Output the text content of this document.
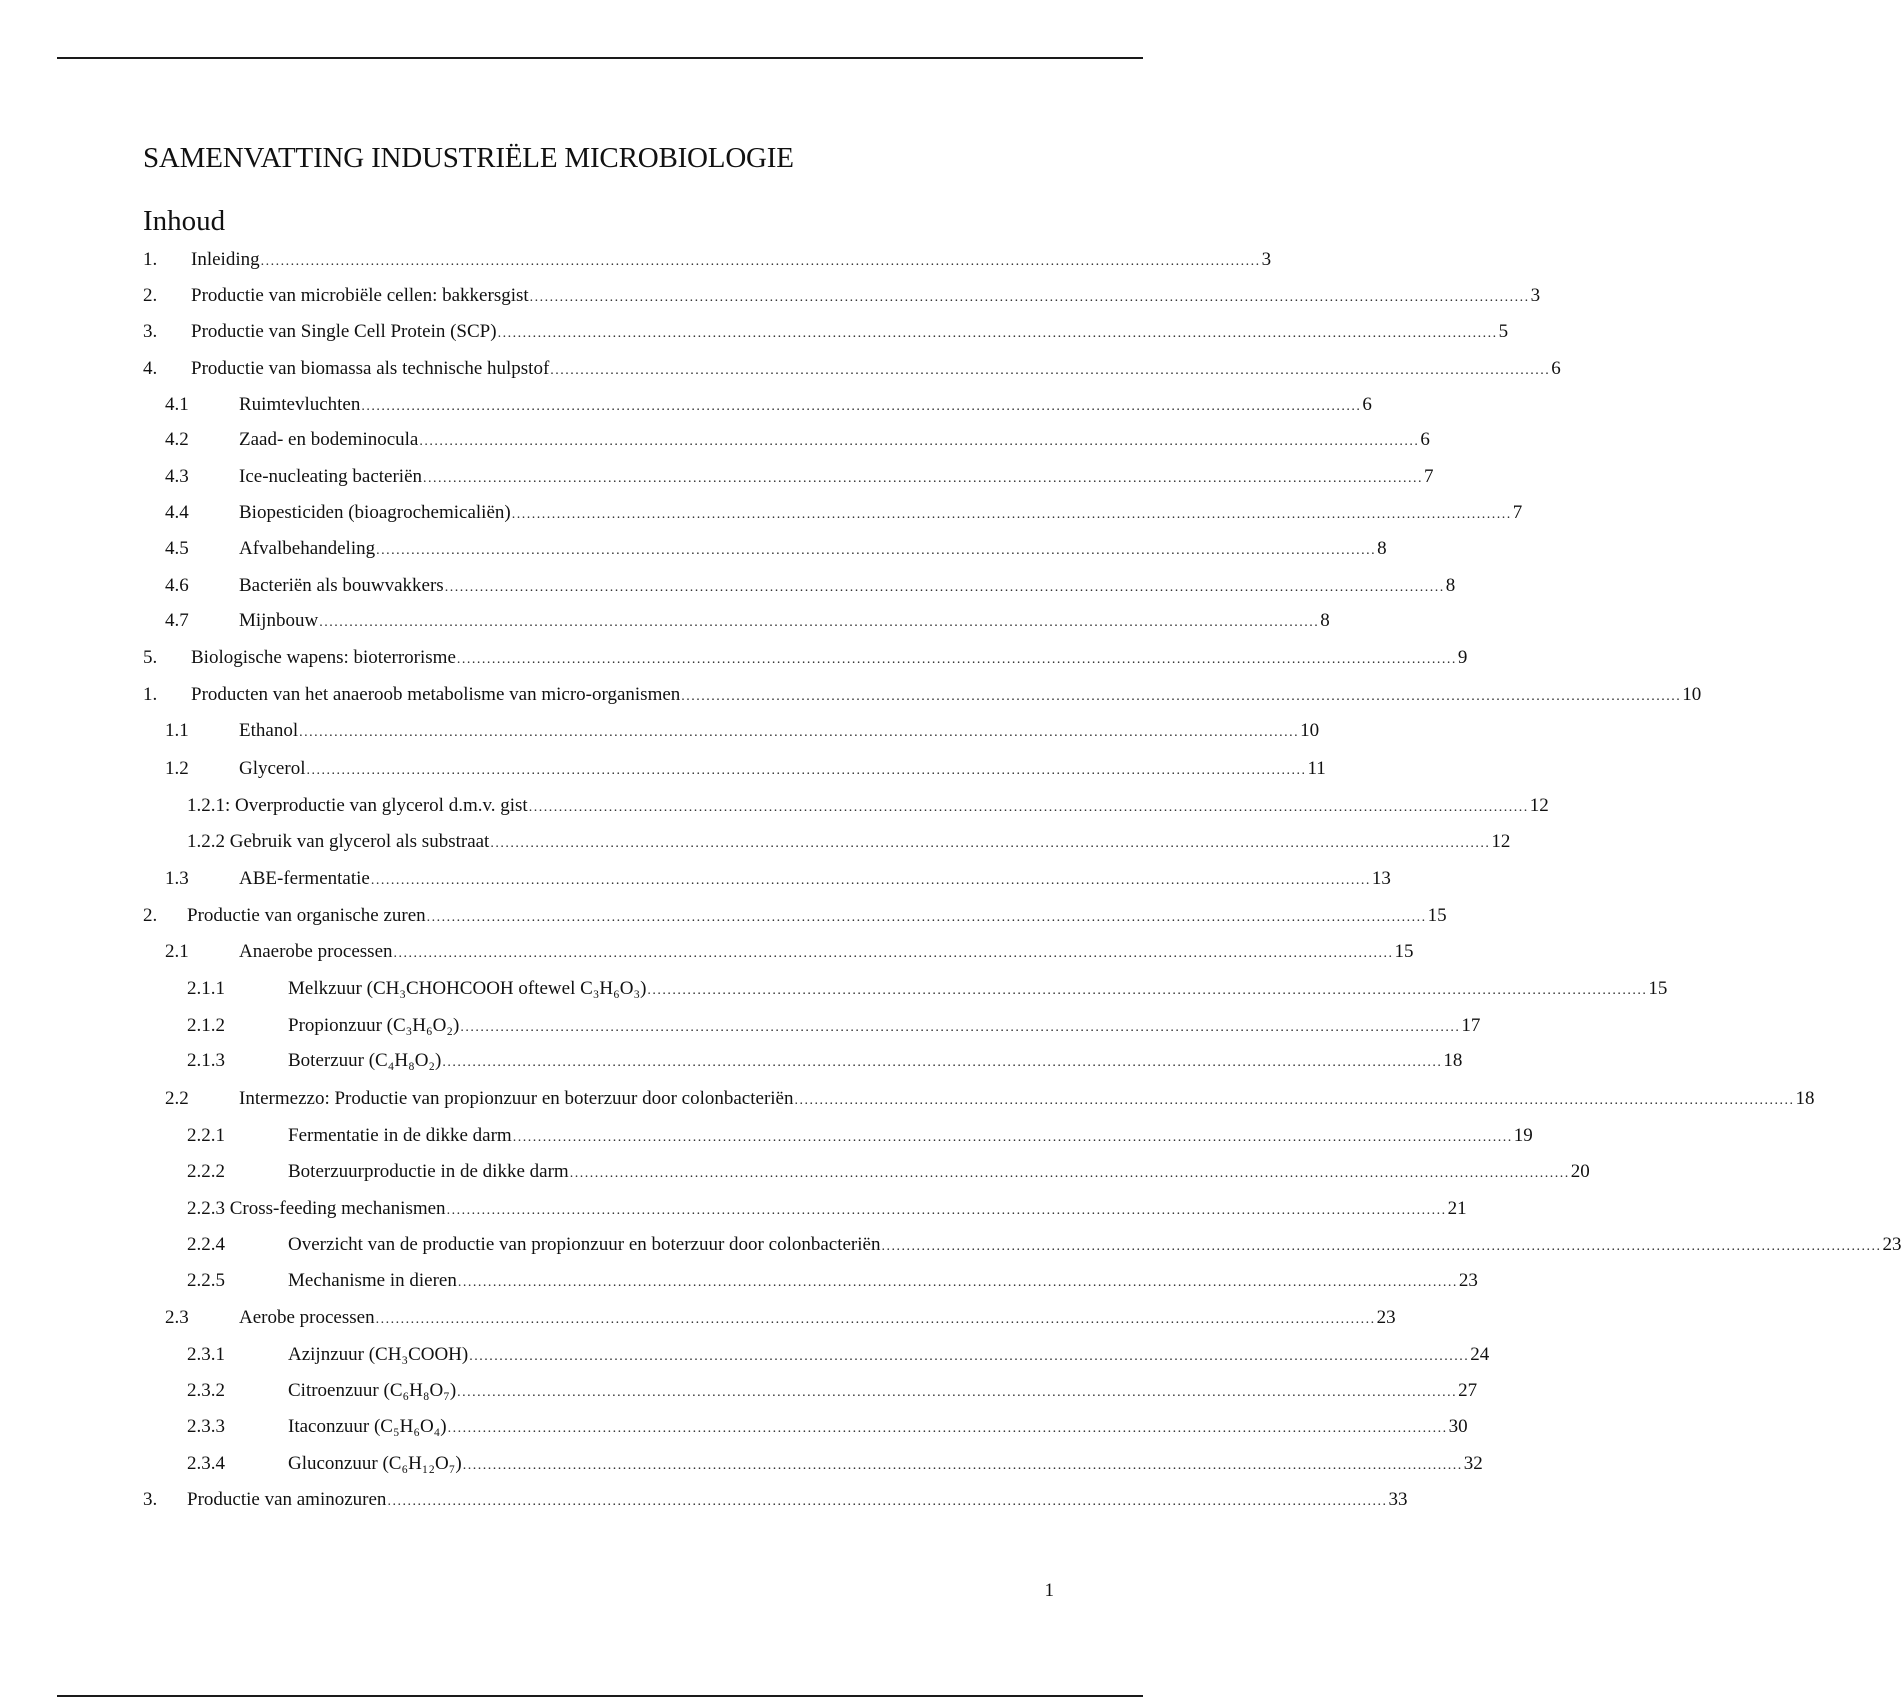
SAMENVATTING INDUSTRIËLE MICROBIOLOGIE
Inhoud
1. Inleiding ........................................................................................................................................................................................................ 3
2. Productie van microbiële cellen: bakkersgist ........................................................................................................................................................................................................ 3
3. Productie van Single Cell Protein (SCP) ........................................................................................................................................................................................................ 5
4. Productie van biomassa als technische hulpstof ........................................................................................................................................................................................................ 6
4.1	Ruimtevluchten ........................................................................................................................................................................................................ 6
4.2	Zaad- en bodeminocula ........................................................................................................................................................................................................ 6
4.3	Ice-nucleating bacteriën ........................................................................................................................................................................................................ 7
4.4	Biopesticiden (bioagrochemicaliën) ........................................................................................................................................................................................................ 7
4.5	Afvalbehandeling ........................................................................................................................................................................................................ 8
4.6	Bacteriën als bouwvakkers ........................................................................................................................................................................................................ 8
4.7	Mijnbouw ........................................................................................................................................................................................................ 8
5. Biologische wapens: bioterrorisme ........................................................................................................................................................................................................ 9
1. Producten van het anaeroob metabolisme van micro-organismen ........................................................................................................................................................................................................ 10
1.1	Ethanol ........................................................................................................................................................................................................ 10
1.2	Glycerol ........................................................................................................................................................................................................ 11
1.2.1: Overproductie van glycerol d.m.v. gist ........................................................................................................................................................................................................ 12
1.2.2 Gebruik van glycerol als substraat ........................................................................................................................................................................................................ 12
1.3	ABE-fermentatie ........................................................................................................................................................................................................ 13
2. Productie van organische zuren ........................................................................................................................................................................................................ 15
2.1	Anaerobe processen ........................................................................................................................................................................................................ 15
2.1.1	Melkzuur (CH₃CHOHCOOH oftewel C₃H₆O₃) ........................................................................................................................................................................................................ 15
2.1.2	Propionzuur (C₃H₆O₂) ........................................................................................................................................................................................................ 17
2.1.3	Boterzuur (C₄H₈O₂) ........................................................................................................................................................................................................ 18
2.2	Intermezzo: Productie van propionzuur en boterzuur door colonbacteriën ........................................................................................................................................................................................................ 18
2.2.1	Fermentatie in de dikke darm ........................................................................................................................................................................................................ 19
2.2.2	Boterzuurproductie in de dikke darm ........................................................................................................................................................................................................ 20
2.2.3 Cross-feeding mechanismen ........................................................................................................................................................................................................ 21
2.2.4	Overzicht van de productie van propionzuur en boterzuur door colonbacteriën ........................................................................................................................................................................................................ 23
2.2.5	Mechanisme in dieren ........................................................................................................................................................................................................ 23
2.3	Aerobe processen ........................................................................................................................................................................................................ 23
2.3.1	Azijnzuur (CH₃COOH) ........................................................................................................................................................................................................ 24
2.3.2	Citroenzuur (C₆H₈O₇) ........................................................................................................................................................................................................ 27
2.3.3	Itaconzuur (C₅H₆O₄) ........................................................................................................................................................................................................ 30
2.3.4	Gluconzuur (C₆H₁₂O₇) ........................................................................................................................................................................................................ 32
3. Productie van aminozuren ........................................................................................................................................................................................................ 33
1
